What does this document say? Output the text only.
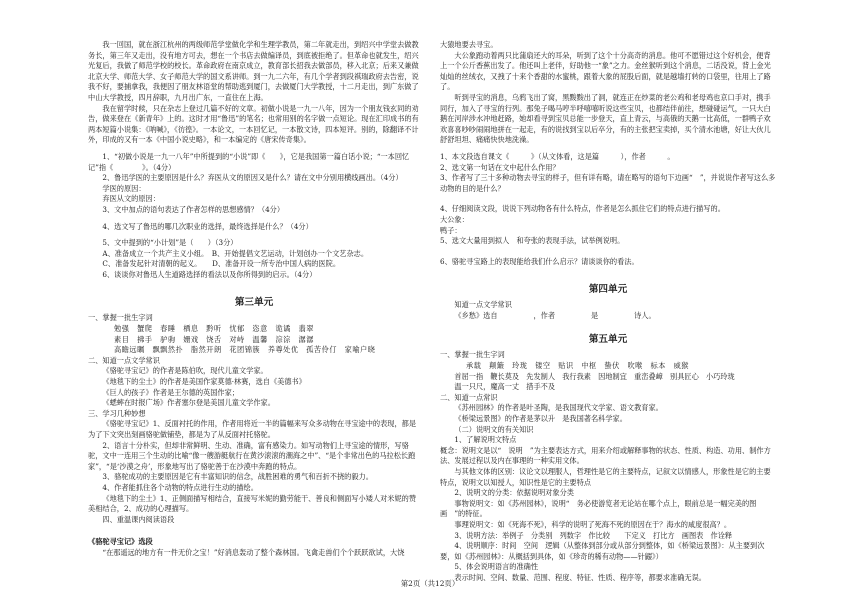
我一回国，就在浙江杭州的两级师范学堂做化学和生理学教员，第二年就走出，到绍兴中学堂去做教务长，第三年又走出，没有地方可去，想在一个书店去做编译员，到底被拒绝了。但革命也就发生，绍兴光复后，我做了师范学校的校长。革命政府在南京成立，教育部长招我去做部员，移入北京；后来又兼做北京大学、师范大学、女子师范大学的国文系讲师。到一九二六年，有几个学者到段祺瑞政府去告密，说我不好，要捕拿我，我便因了朋友林语堂的帮助逃到厦门，去做厦门大学教授，十二月走出，到广东做了中山大学教授，四月辞职，九月出广东，一直住在上海。

我在留学时候，只在杂志上登过几篇不好的文章。初做小说是一九一八年，因为一个朋友钱玄同的劝告，做来登在《新青年》上的。这时才用“鲁迅”的笔名；也常用别的名字做一点短论。现在汇印成书的有两本短篇小说集：《呐喊》，《彷徨》。一本论文，一本回忆记，一本散文诗，四本短评。别的，除翻译不计外，印成的又有一本《中国小说史略》，和一本编定的《唐宋传奇集》。

1、“初做小说是一九一八年”中所提到的“小说”即《　　》，它是我国第一篇白话小说；“一本回忆记”指《　　　　》。（4分）

2、鲁迅学医的主要原因是什么？弃医从文的原因又是什么？请在文中分别用横线画出。（4分）

学医的原因：

弃医从文的原因：

3、文中加点的语句表达了作者怎样的思想感情？（4分）

4、选文写了鲁迅的哪几次职业的选择，最终选择是什么？（4分）

5、文中提到的“小计划”是（　　）（3分）

A、准备成立一个共产主义小组。　B、开始提倡文艺运动，计划创办一个文艺杂志。

C、准备发起针对清朝的起义。　　D、准备开设一所专治中国人病的医院。

6、谈谈你对鲁迅人生道路选择的看法以及你所得到的启示。（4分）

第三单元

一、掌握一批生字词

勉强　蟹爬　春睡　栖息　黔听　忧郁　恣意　诡谲　翡翠

素目　拂手　驴驹　姗戏　饶舌　对峙　温馨　淙淙　潺潺

高瞻远瞩　飘飘然扑　脂然开朗　花团锦簇　养尊处优　孤苦伶仃　家喻户晓

二、知道一点文学常识

《骆驼寻宝记》的作者是陈伯吹，现代儿童文学家。

《地毯下的尘土》的作者是美国作家莫德·林赛，选自《美德书》

《巨人的孩子》作者是王尔德的英国作家；

《蟋蟀在时报广场》作者塞尔登是美国儿童文学作家。

三、学习几种妙想

《骆驼寻宝记》1、反面衬托的作用，作者用将近一半的篇幅来写众多动物在寻宝途中的表现，都是为了下文突出刻画骆驼做铺垫，都是为了从反面衬托骆驼。

2、语言十分朴实，但却非常鲜明、生动、准确，富有感染力。如写动物们上寻宝途的情形，写骆驼，文中一连用三个生动的比喻“像一艘游艇航行在黄沙滚滚的潮海之中”、“是个非常出色的马拉松长跑家”，“是‘沙漠之舟’，形象地写出了骆驼善于在沙漠中奔跑的特点。

3、骆驼成功的主要原因是它有丰富知识的信念，战胜困难的勇气和百折不挠的毅力。

4、作者能抓住各个动物的特点进行生动的描绘。

《地毯下的尘土》1、正侧面描写相结合，直接写米妮的勤劳能干、善良和侧面写小矮人对米妮的赞美相结合，2、成功的心理描写。

四、重温课内阅读语段

《骆驼寻宝记》选段

“在那遥远的地方有一件无价之宝！”好消息轰动了整个森林国。飞禽走兽们个个跃跃欲试，大饶

大猿地要去寻宝。

大公象跑动着两只比蒲扇还大的耳朵，听到了这个十分高奇的消息。他可不愿错过这个好机会，便背上一个公斤香蕉出发了。他还叫上老伴，好助他一“象”之力。金丝猴听到这个消息，二话没说，背上金光灿灿的丝绒衣，又拽了十来个香甜的水蜜桃，跟着大象的屁股后面，就是越墙打转的口袋里，往用上了路了。

听到寻宝的消息，乌鸦飞出了窝，黑黢黢出了洞，就连正在炒菜的老公鸡和老母鸡也京口手对，携手同行，加入了寻宝的行列。那兔子喝马哼半呼嘻嘻听说这些宝贝，也都结伴前往，想碰碰运气，一只大白鹅在河岸涉水冲地赶路，她却看寻到宝贝总能一步登天，直上青云，与高俄的天鹅一比高低，一群鸭子欢欢喜喜吵吵闹闹地拼在一起走，有的说找到宝以后卒分，有的主张把宝卖掉，买个清水池塘，好让大伙儿舒舒坦坦、痛痛快快地洗澡。

1、本文段选自课文《　　　》（从文体看，这是篇　　　），作者　　　。

2、选文第一句话在文中起什么作用？

3、作者写了三十多种动物去寻宝的样子，但有详有略，请在略写的语句下边画“　”，并说说作者写这么多动物的目的是什么？

4、仔细阅读文段，说说下列动物各有什么特点，作者是怎么抓住它们的特点进行描写的。

大公象：

鸭子：

5、选文大量用到拟人　和夸张的表现手法，试举例说明。

6、骆驼寻宝路上的表现能给我们什么启示？请谈谈你的看法。

第四单元

知道一点文学常识

《乡愁》选自　　　　　，作者　　　　　是　　　　　诗人。

第五单元

一、掌握一批生字词

承载　颠簸　玲珑　镂空　贴识　中枢　蛰伏　吹喉　标本　威猴

首屈一指　鞭长莫及　先发制人　我行我素　因地制宜　重峦叠嶂　别具匠心　小巧玲珑

温一只尺，魔高一丈　措手不及

二、知道一点常识

《苏州园林》的作者是叶圣陶，是我国现代文学家、语文教育家。

《桥梁远景图》的作者是茅以升　是我国著名科学家。

（二）说明文的有关知识

1、了解说明文特点

概念：说明文是以“　说明　”为主要表达方式，用来介绍或解释事物的状态、性质、构造、功用、制作方法、发展过程以及内在事理的一种实用文体。

与其他文体的区别：议论文以理服人，哲理性是它的主要特点，记叙文以情感人，形象性是它的主要特点，说明文以知授人，知识性是它的主要特点

2、说明文的分类：依据说明对象分类

事物说明文：如《苏州园林》，说明“　务必使游览者无论站在哪个点上，眼前总是一幅完美的图画　”的特征。

事理说明文：如《死海不死》，科学的说明了死海不死的原因在于？海水的咸度很高？。

3、说明方法：举例子　分类别　列数字　作比较　　下定义　打比方　画图表　作诠释

4、说明顺序：时间　空间　逻辑（从整体到部分或从部分到整体，如《桥梁远景图》：从主要到次要，如《苏州园林》：从概括到具体，如《珍奇的稀有动物——针鼹》）

5、体会说明语言的准确性

表示时间、空间、数量、范围、程度、特征、性质、程序等，都要求准确无误。

第2页（共12页）
